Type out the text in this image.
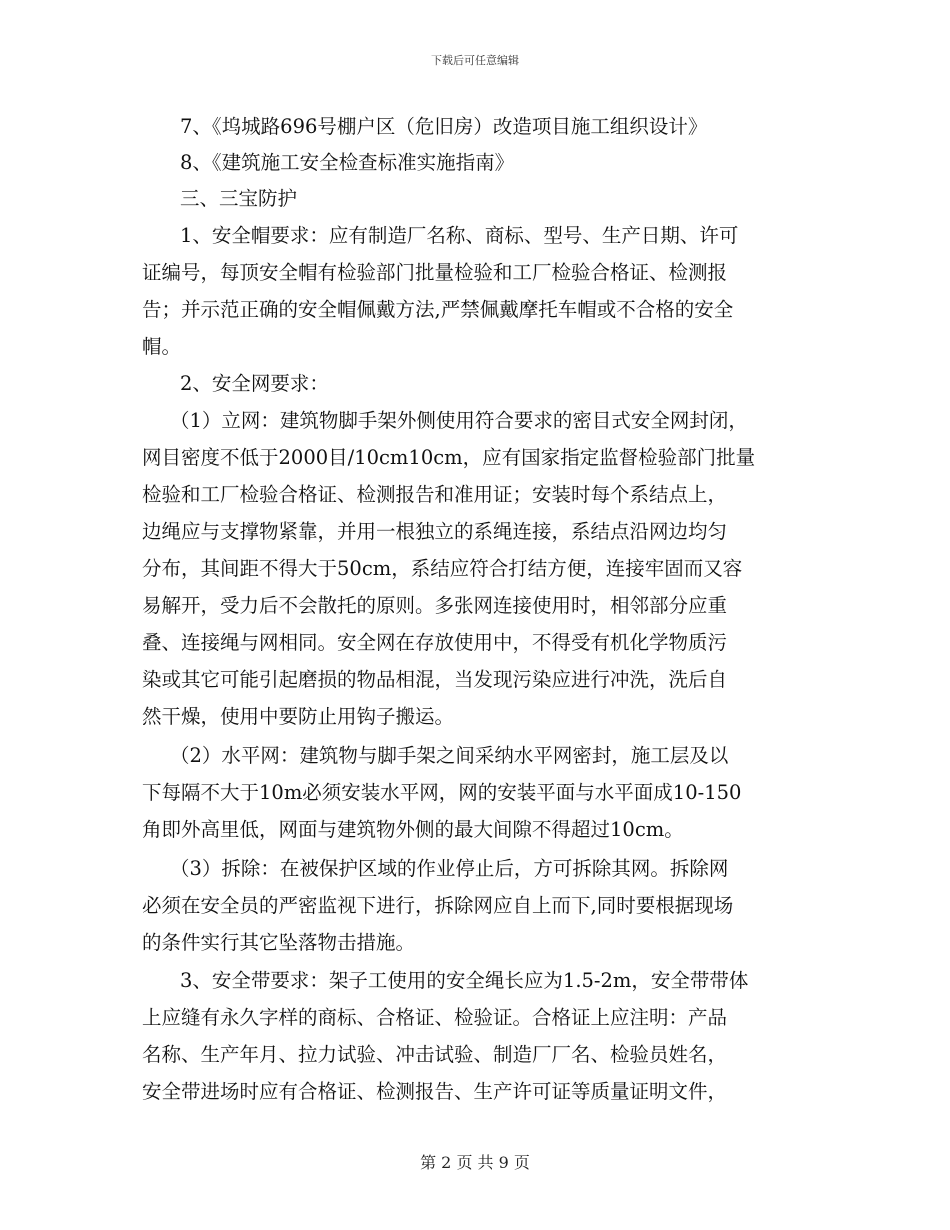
下载后可任意编辑
7、《坞城路696号棚户区（危旧房）改造项目施工组织设计》
8、《建筑施工安全检查标准实施指南》
三、三宝防护
1、安全帽要求：应有制造厂名称、商标、型号、生产日期、许可
证编号，每顶安全帽有检验部门批量检验和工厂检验合格证、检测报
告；并示范正确的安全帽佩戴方法,严禁佩戴摩托车帽或不合格的安全
帽。
2、安全网要求：
（1）立网：建筑物脚手架外侧使用符合要求的密目式安全网封闭，
网目密度不低于2000目/10cm10cm，应有国家指定监督检验部门批量
检验和工厂检验合格证、检测报告和准用证；安装时每个系结点上，
边绳应与支撑物紧靠，并用一根独立的系绳连接，系结点沿网边均匀
分布，其间距不得大于50cm，系结应符合打结方便，连接牢固而又容
易解开，受力后不会散托的原则。多张网连接使用时，相邻部分应重
叠、连接绳与网相同。安全网在存放使用中，不得受有机化学物质污
染或其它可能引起磨损的物品相混，当发现污染应进行冲洗，洗后自
然干燥，使用中要防止用钩子搬运。
（2）水平网：建筑物与脚手架之间采纳水平网密封，施工层及以
下每隔不大于10m必须安装水平网，网的安装平面与水平面成10-150
角即外高里低，网面与建筑物外侧的最大间隙不得超过10cm。
（3）拆除：在被保护区域的作业停止后，方可拆除其网。拆除网
必须在安全员的严密监视下进行，拆除网应自上而下,同时要根据现场
的条件实行其它坠落物击措施。
3、安全带要求：架子工使用的安全绳长应为1.5-2m，安全带带体
上应缝有永久字样的商标、合格证、检验证。合格证上应注明：产品
名称、生产年月、拉力试验、冲击试验、制造厂厂名、检验员姓名，
安全带进场时应有合格证、检测报告、生产许可证等质量证明文件，
第 2 页 共 9 页
